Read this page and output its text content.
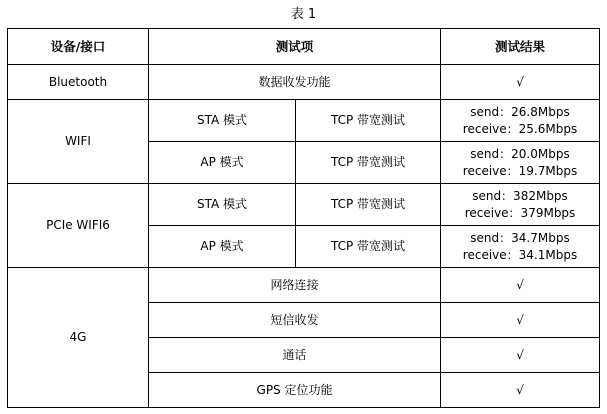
表 1
设备/接口	测试项		测试结果
Bluetooth	数据收发功能		√
WIFI	STA 模式	TCP 带宽测试	send：26.8Mbps
receive：25.6Mbps

	AP 模式	TCP 带宽测试	send：20.0Mbps
receive：19.7Mbps

PCIe WIFI6	STA 模式	TCP 带宽测试	send：382Mbps
receive：379Mbps

	AP 模式	TCP 带宽测试	send：34.7Mbps
receive：34.1Mbps

4G	网络连接		√
	短信收发		√
	通话		√
	GPS 定位功能		√
